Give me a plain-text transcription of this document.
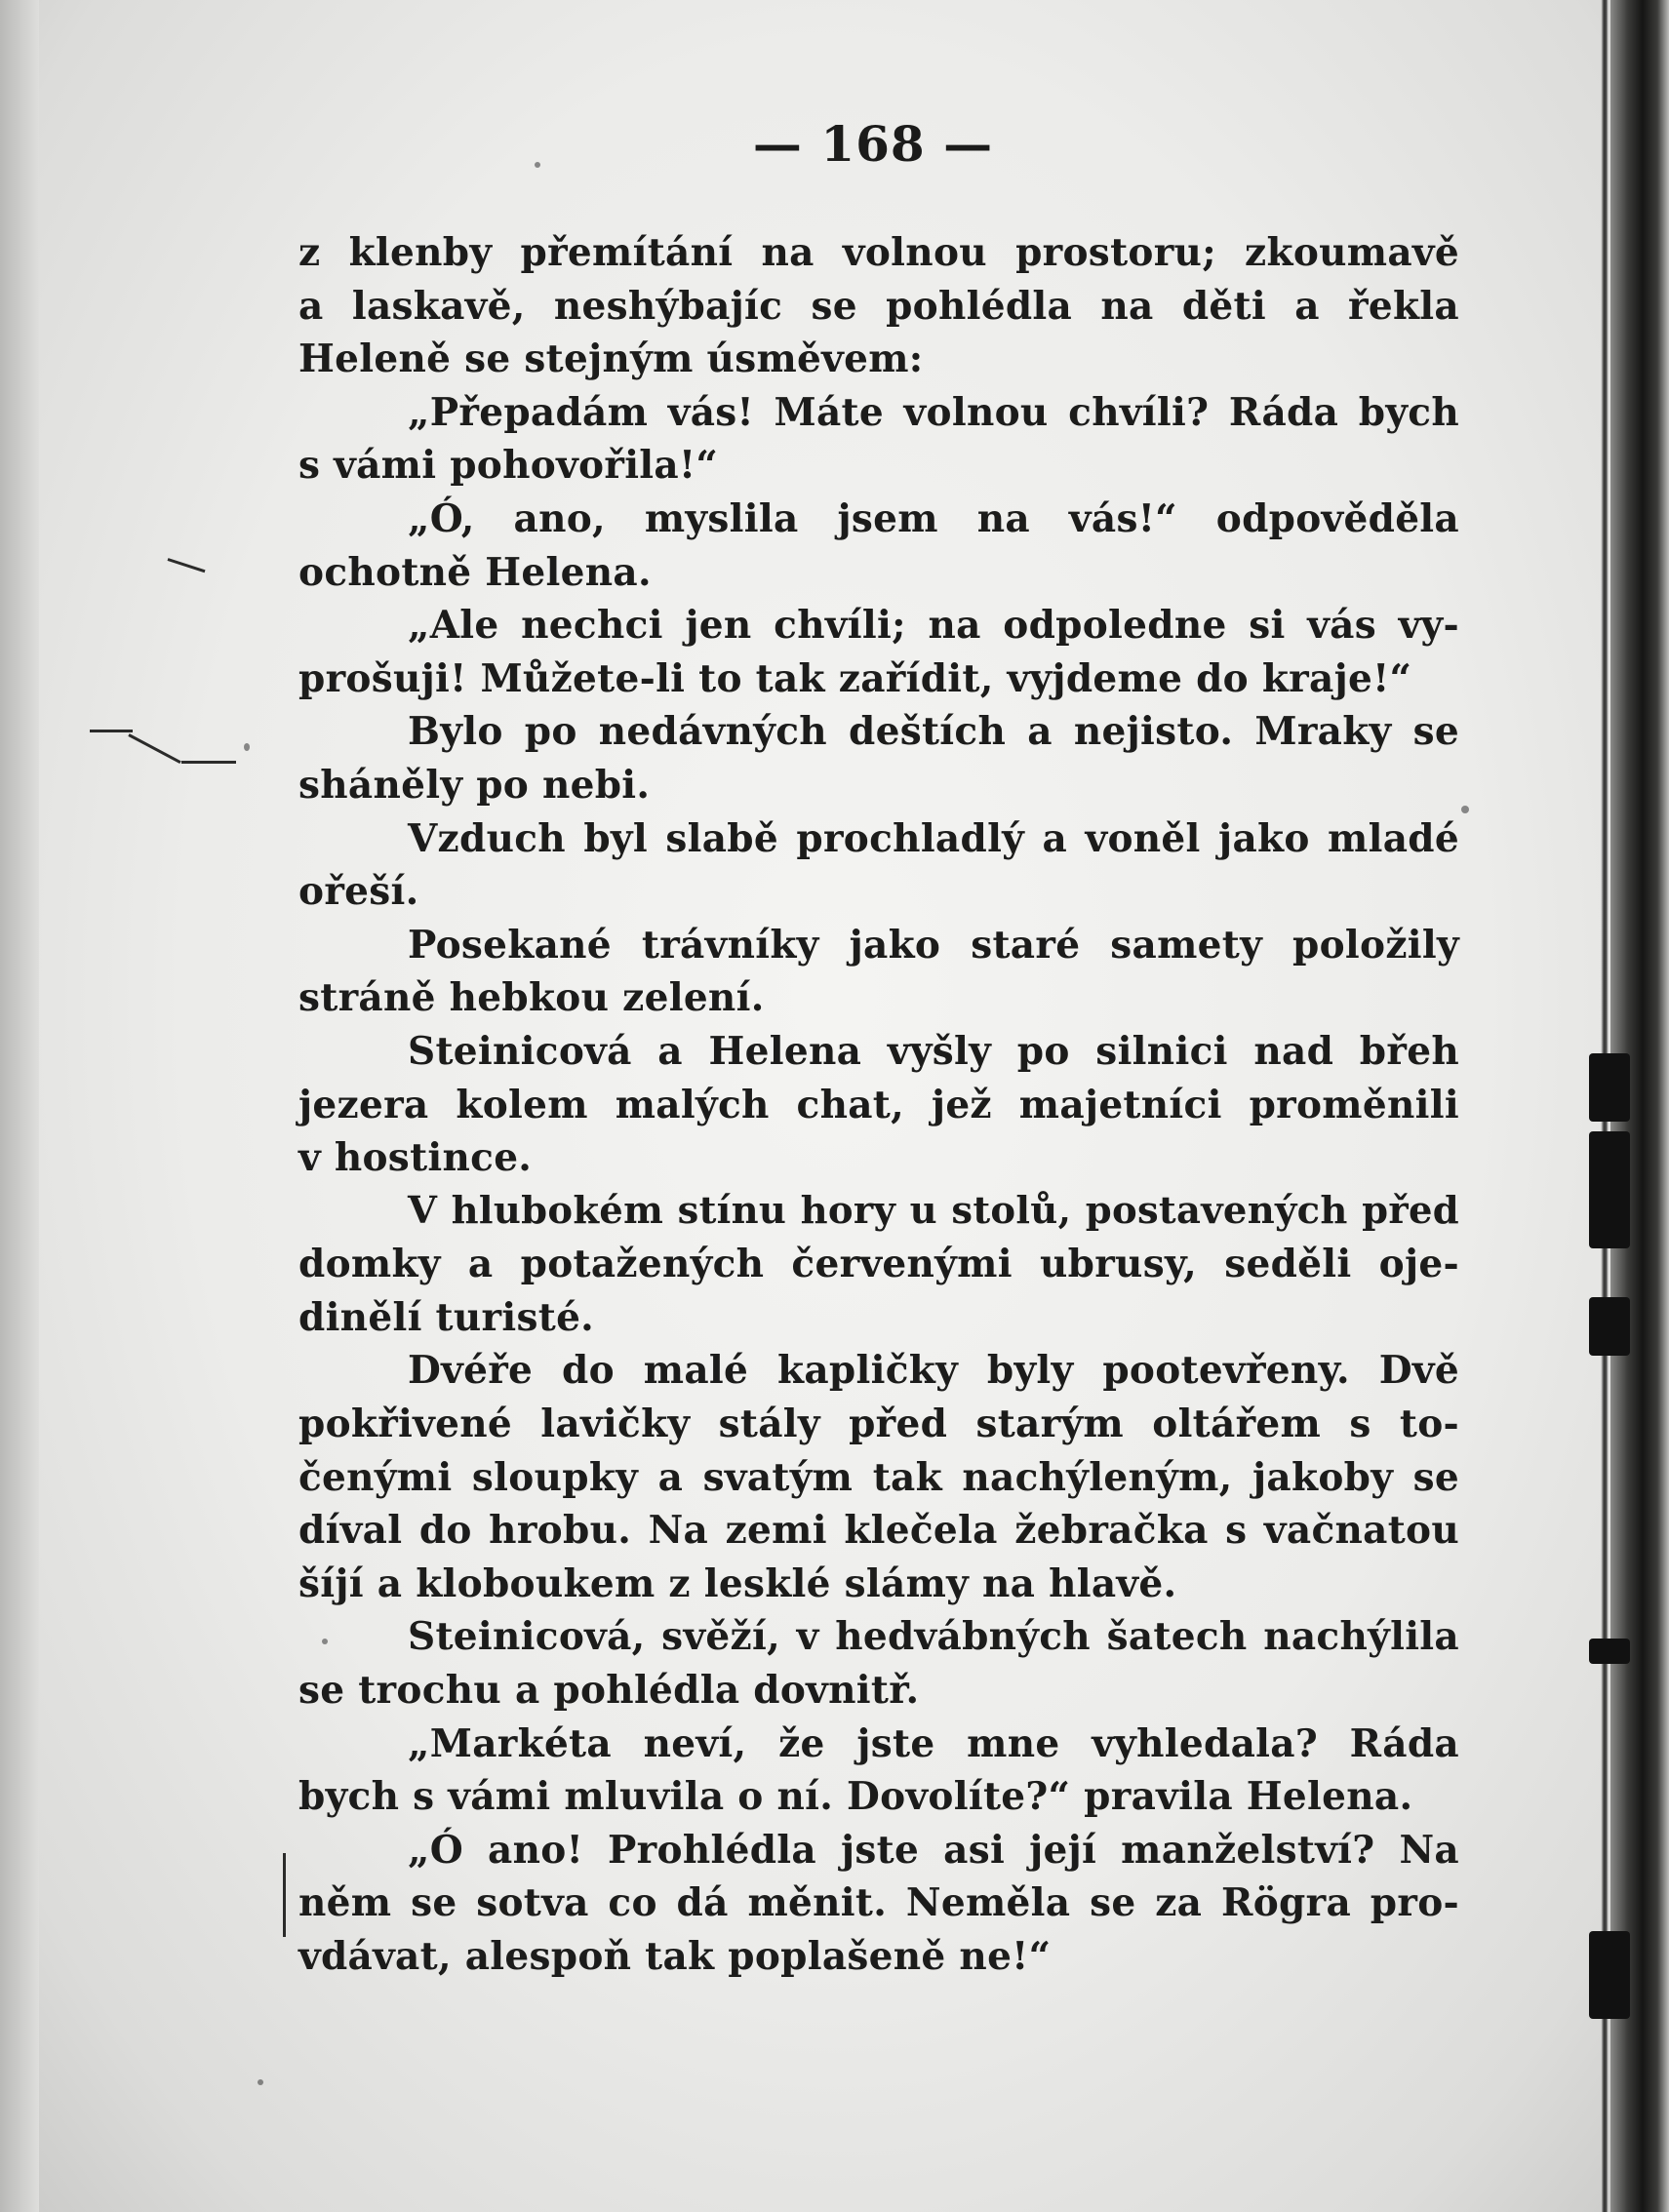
— 168 —
z klenby přemítání na volnou prostoru; zkoumavě
a laskavě, neshýbajíc se pohlédla na děti a řekla
Heleně se stejným úsměvem:
„Přepadám vás! Máte volnou chvíli? Ráda bych
s vámi pohovořila!“
„Ó, ano, myslila jsem na vás!“ odpověděla
ochotně Helena.
„Ale nechci jen chvíli; na odpoledne si vás vy-
prošuji! Můžete-li to tak zařídit, vyjdeme do kraje!“
Bylo po nedávných deštích a nejisto. Mraky se
sháněly po nebi.
Vzduch byl slabě prochladlý a voněl jako mladé
ořeší.
Posekané trávníky jako staré samety položily
stráně hebkou zelení.
Steinicová a Helena vyšly po silnici nad břeh
jezera kolem malých chat, jež majetníci proměnili
v hostince.
V hlubokém stínu hory u stolů, postavených před
domky a potažených červenými ubrusy, seděli oje-
dinělí turisté.
Dvéře do malé kapličky byly pootevřeny. Dvě
pokřivené lavičky stály před starým oltářem s to-
čenými sloupky a svatým tak nachýleným, jakoby se
díval do hrobu. Na zemi klečela žebračka s vačnatou
šíjí a kloboukem z lesklé slámy na hlavě.
Steinicová, svěží, v hedvábných šatech nachýlila
se trochu a pohlédla dovnitř.
„Markéta neví, že jste mne vyhledala? Ráda
bych s vámi mluvila o ní. Dovolíte?“ pravila Helena.
„Ó ano! Prohlédla jste asi její manželství? Na
něm se sotva co dá měnit. Neměla se za Rögra pro-
vdávat, alespoň tak poplašeně ne!“
